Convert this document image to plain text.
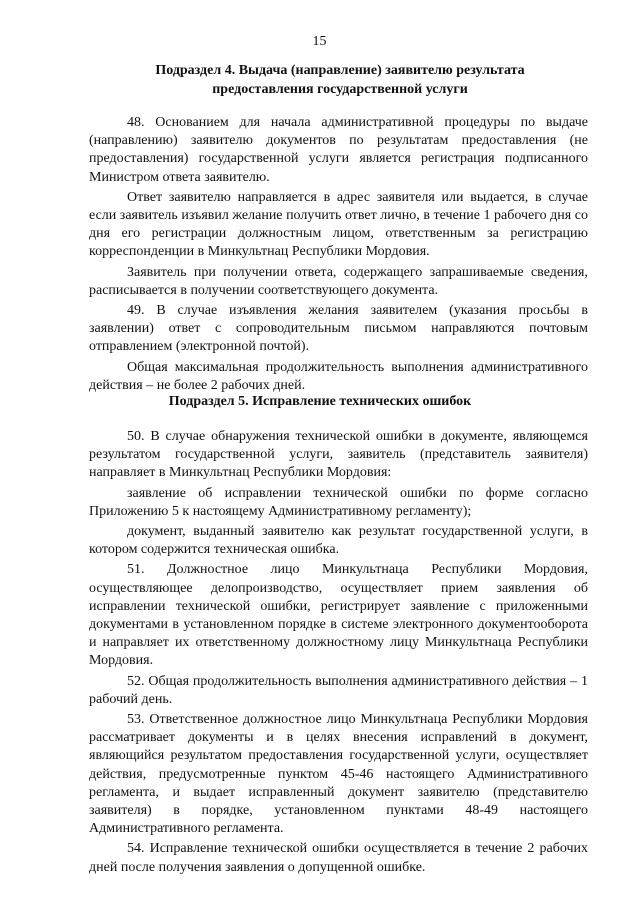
15
Подраздел 4. Выдача (направление) заявителю результата
предоставления государственной услуги

48. Основанием для начала административной процедуры по выдаче (направлению) заявителю документов по результатам предоставления (не предоставления) государственной услуги является регистрация подписанного Министром ответа заявителю.

Ответ заявителю направляется в адрес заявителя или выдается, в случае если заявитель изъявил желание получить ответ лично, в течение 1 рабочего дня со дня его регистрации должностным лицом, ответственным за регистрацию корреспонденции в Минкультнац Республики Мордовия.

Заявитель при получении ответа, содержащего запрашиваемые сведения, расписывается в получении соответствующего документа.

49. В случае изъявления желания заявителем (указания просьбы в заявлении) ответ с сопроводительным письмом направляются почтовым отправлением (электронной почтой).

Общая максимальная продолжительность выполнения административного действия – не более 2 рабочих дней.

Подраздел 5. Исправление технических ошибок

50. В случае обнаружения технической ошибки в документе, являющемся результатом государственной услуги, заявитель (представитель заявителя) направляет в Минкультнац Республики Мордовия:

заявление об исправлении технической ошибки по форме согласно Приложению 5 к настоящему Административному регламенту);

документ, выданный заявителю как результат государственной услуги, в котором содержится техническая ошибка.

51. Должностное лицо Минкультнаца Республики Мордовия, осуществляющее делопроизводство, осуществляет прием заявления об исправлении технической ошибки, регистрирует заявление с приложенными документами в установленном порядке в системе электронного документооборота и направляет их ответственному должностному лицу Минкультнаца Республики Мордовия.

52. Общая продолжительность выполнения административного действия – 1 рабочий день.

53. Ответственное должностное лицо Минкультнаца Республики Мордовия рассматривает документы и в целях внесения исправлений в документ, являющийся результатом предоставления государственной услуги, осуществляет действия, предусмотренные пунктом 45-46 настоящего Административного регламента, и выдает исправленный документ заявителю (представителю заявителя) в порядке, установленном пунктами 48-49 настоящего Административного регламента.

54. Исправление технической ошибки осуществляется в течение 2 рабочих дней после получения заявления о допущенной ошибке.
